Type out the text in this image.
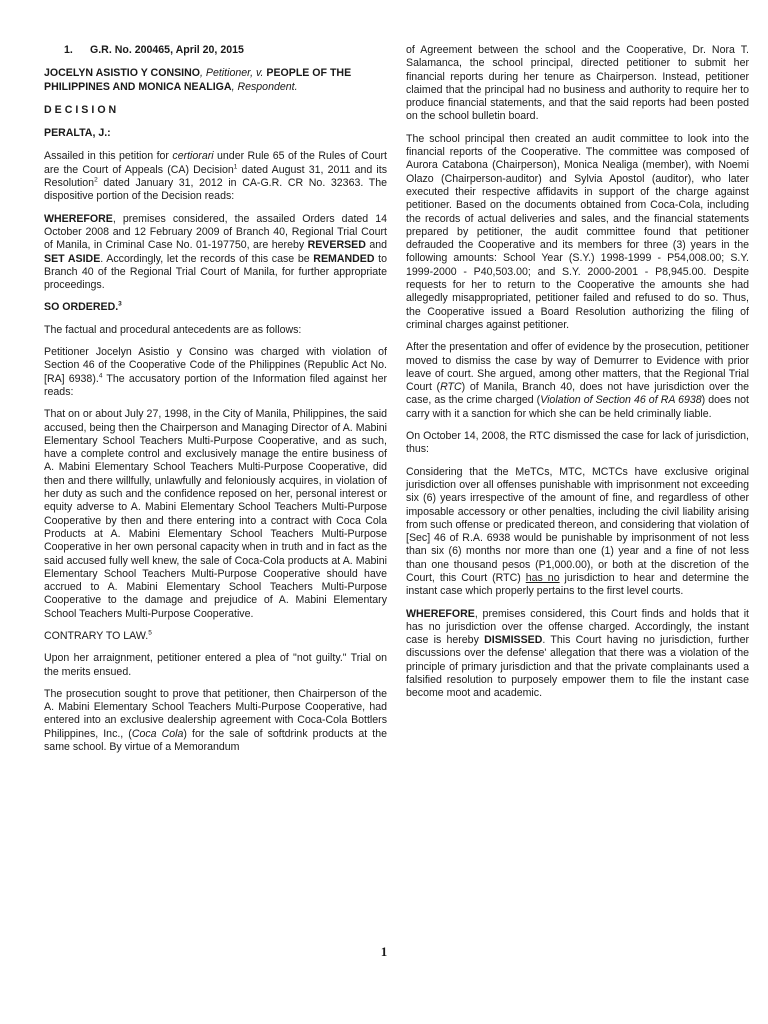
1. G.R. No. 200465, April 20, 2015

JOCELYN ASISTIO Y CONSINO, Petitioner, v. PEOPLE OF THE PHILIPPINES AND MONICA NEALIGA, Respondent.

DECISION

PERALTA, J.:

Assailed in this petition for certiorari under Rule 65 of the Rules of Court are the Court of Appeals (CA) Decision$^1$ dated August 31, 2011 and its Resolution$^2$ dated January 31, 2012 in CA-G.R. CR No. 32363. The dispositive portion of the Decision reads:

WHEREFORE, premises considered, the assailed Orders dated 14 October 2008 and 12 February 2009 of Branch 40, Regional Trial Court of Manila, in Criminal Case No. 01-197750, are hereby REVERSED and SET ASIDE. Accordingly, let the records of this case be REMANDED to Branch 40 of the Regional Trial Court of Manila, for further appropriate proceedings.

SO ORDERED.$^3$

The factual and procedural antecedents are as follows:

Petitioner Jocelyn Asistio y Consino was charged with violation of Section 46 of the Cooperative Code of the Philippines (Republic Act No. [RA] 6938).$^4$ The accusatory portion of the Information filed against her reads:

That on or about July 27, 1998, in the City of Manila, Philippines, the said accused, being then the Chairperson and Managing Director of A. Mabini Elementary School Teachers Multi-Purpose Cooperative, and as such, have a complete control and exclusively manage the entire business of A. Mabini Elementary School Teachers Multi-Purpose Cooperative, did then and there willfully, unlawfully and feloniously acquires, in violation of her duty as such and the confidence reposed on her, personal interest or equity adverse to A. Mabini Elementary School Teachers Multi-Purpose Cooperative by then and there entering into a contract with Coca Cola Products at A. Mabini Elementary School Teachers Multi-Purpose Cooperative in her own personal capacity when in truth and in fact as the said accused fully well knew, the sale of Coca-Cola products at A. Mabini Elementary School Teachers Multi-Purpose Cooperative should have accrued to A. Mabini Elementary School Teachers Multi-Purpose Cooperative to the damage and prejudice of A. Mabini Elementary School Teachers Multi-Purpose Cooperative.

CONTRARY TO LAW.$^5$

Upon her arraignment, petitioner entered a plea of "not guilty." Trial on the merits ensued.

The prosecution sought to prove that petitioner, then Chairperson of the A. Mabini Elementary School Teachers Multi-Purpose Cooperative, had entered into an exclusive dealership agreement with Coca-Cola Bottlers Philippines, Inc., (Coca Cola) for the sale of softdrink products at the same school. By virtue of a Memorandum

of Agreement between the school and the Cooperative, Dr. Nora T. Salamanca, the school principal, directed petitioner to submit her financial reports during her tenure as Chairperson. Instead, petitioner claimed that the principal had no business and authority to require her to produce financial statements, and that the said reports had been posted on the school bulletin board.

The school principal then created an audit committee to look into the financial reports of the Cooperative. The committee was composed of Aurora Catabona (Chairperson), Monica Nealiga (member), with Noemi Olazo (Chairperson-auditor) and Sylvia Apostol (auditor), who later executed their respective affidavits in support of the charge against petitioner. Based on the documents obtained from Coca-Cola, including the records of actual deliveries and sales, and the financial statements prepared by petitioner, the audit committee found that petitioner defrauded the Cooperative and its members for three (3) years in the following amounts: School Year (S.Y.) 1998-1999 - P54,008.00; S.Y. 1999-2000 - P40,503.00; and S.Y. 2000-2001 - P8,945.00. Despite requests for her to return to the Cooperative the amounts she had allegedly misappropriated, petitioner failed and refused to do so. Thus, the Cooperative issued a Board Resolution authorizing the filing of criminal charges against petitioner.

After the presentation and offer of evidence by the prosecution, petitioner moved to dismiss the case by way of Demurrer to Evidence with prior leave of court. She argued, among other matters, that the Regional Trial Court (RTC) of Manila, Branch 40, does not have jurisdiction over the case, as the crime charged (Violation of Section 46 of RA 6938) does not carry with it a sanction for which she can be held criminally liable.

On October 14, 2008, the RTC dismissed the case for lack of jurisdiction, thus:

Considering that the MeTCs, MTC, MCTCs have exclusive original jurisdiction over all offenses punishable with imprisonment not exceeding six (6) years irrespective of the amount of fine, and regardless of other imposable accessory or other penalties, including the civil liability arising from such offense or predicated thereon, and considering that violation of [Sec] 46 of R.A. 6938 would be punishable by imprisonment of not less than six (6) months nor more than one (1) year and a fine of not less than one thousand pesos (P1,000.00), or both at the discretion of the Court, this Court (RTC) has no jurisdiction to hear and determine the instant case which properly pertains to the first level courts.

WHEREFORE, premises considered, this Court finds and holds that it has no jurisdiction over the offense charged. Accordingly, the instant case is hereby DISMISSED. This Court having no jurisdiction, further discussions over the defense' allegation that there was a violation of the principle of primary jurisdiction and that the private complainants used a falsified resolution to purposely empower them to file the instant case become moot and academic.

1
